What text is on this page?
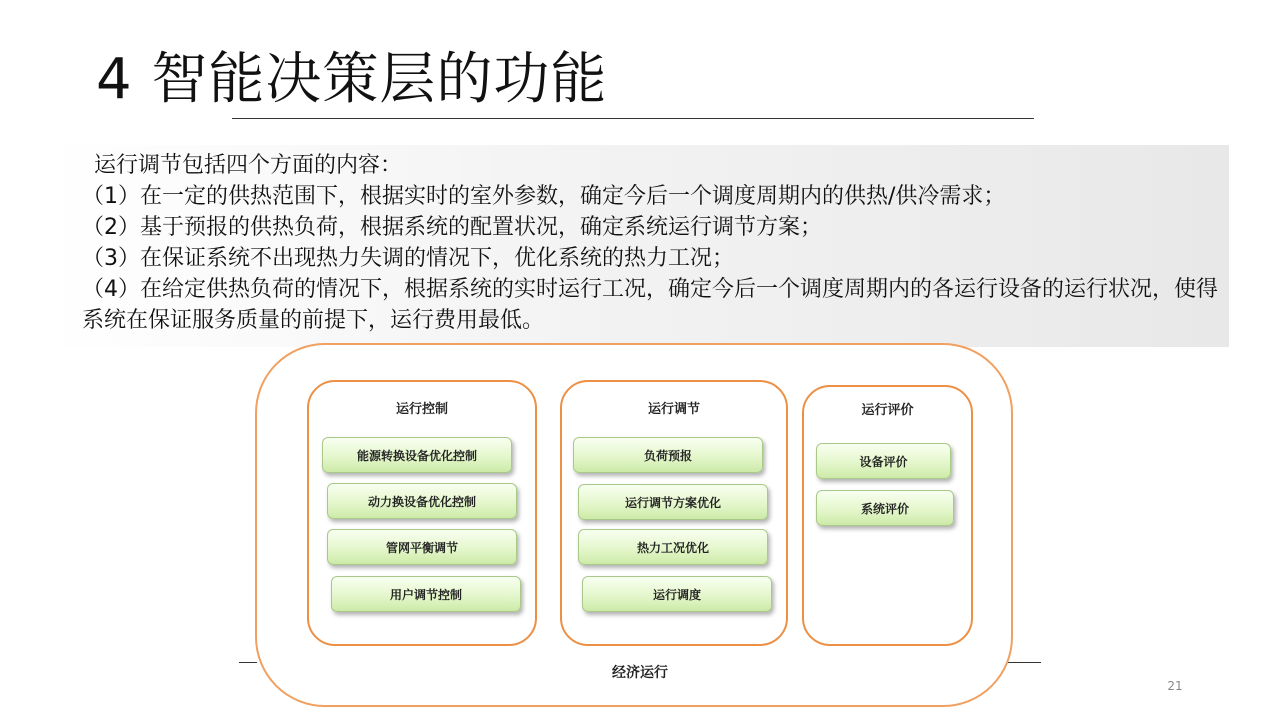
4 智能决策层的功能
运行调节包括四个方面的内容：
（1）在一定的供热范围下，根据实时的室外参数，确定今后一个调度周期内的供热/供冷需求；
（2）基于预报的供热负荷，根据系统的配置状况，确定系统运行调节方案；
（3）在保证系统不出现热力失调的情况下，优化系统的热力工况；
（4）在给定供热负荷的情况下，根据系统的实时运行工况，确定今后一个调度周期内的各运行设备的运行状况，使得系统在保证服务质量的前提下，运行费用最低。
运行控制
能源转换设备优化控制
动力换设备优化控制
管网平衡调节
用户调节控制
运行调节
负荷预报
运行调节方案优化
热力工况优化
运行调度
运行评价
设备评价
系统评价
经济运行
21
